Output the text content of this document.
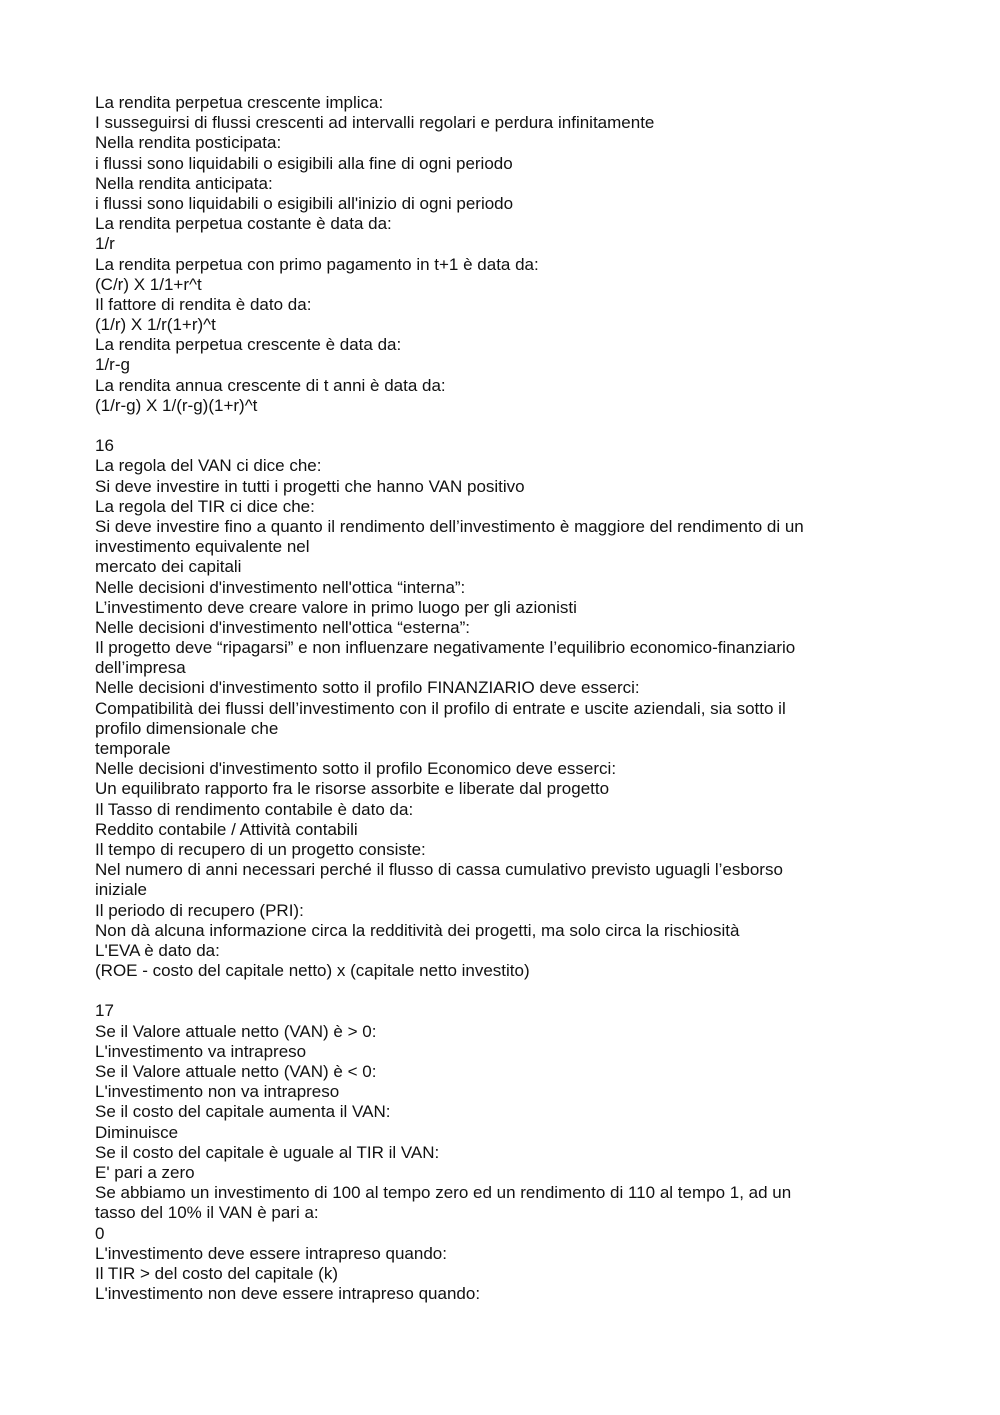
La rendita perpetua crescente implica:
I susseguirsi di flussi crescenti ad intervalli regolari e perdura infinitamente
Nella rendita posticipata:
i flussi sono liquidabili o esigibili alla fine di ogni periodo
Nella rendita anticipata:
i flussi sono liquidabili o esigibili all'inizio di ogni periodo
La rendita perpetua costante è data da:
1/r
La rendita perpetua con primo pagamento in t+1 è data da:
(C/r) X 1/1+r^t
Il fattore di rendita è dato da:
(1/r) X 1/r(1+r)^t
La rendita perpetua crescente è data da:
1/r-g
La rendita annua crescente di t anni è data da:
(1/r-g) X 1/(r-g)(1+r)^t
16
La regola del VAN ci dice che:
Si deve investire in tutti i progetti che hanno VAN positivo
La regola del TIR ci dice che:
Si deve investire fino a quanto il rendimento dell’investimento è maggiore del rendimento di un
investimento equivalente nel
mercato dei capitali
Nelle decisioni d'investimento nell'ottica “interna”:
L’investimento deve creare valore in primo luogo per gli azionisti
Nelle decisioni d'investimento nell'ottica “esterna”:
Il progetto deve “ripagarsi” e non influenzare negativamente l’equilibrio economico-finanziario
dell’impresa
Nelle decisioni d'investimento sotto il profilo FINANZIARIO deve esserci:
Compatibilità dei flussi dell’investimento con il profilo di entrate e uscite aziendali, sia sotto il
profilo dimensionale che
temporale
Nelle decisioni d'investimento sotto il profilo Economico deve esserci:
Un equilibrato rapporto fra le risorse assorbite e liberate dal progetto
Il Tasso di rendimento contabile è dato da:
Reddito contabile / Attività contabili
Il tempo di recupero di un progetto consiste:
Nel numero di anni necessari perché il flusso di cassa cumulativo previsto uguagli l’esborso
iniziale
Il periodo di recupero (PRI):
Non dà alcuna informazione circa la redditività dei progetti, ma solo circa la rischiosità
L'EVA è dato da:
(ROE - costo del capitale netto) x (capitale netto investito)
17
Se il Valore attuale netto (VAN) è > 0:
L'investimento va intrapreso
Se il Valore attuale netto (VAN) è < 0:
L'investimento non va intrapreso
Se il costo del capitale aumenta il VAN:
Diminuisce
Se il costo del capitale è uguale al TIR il VAN:
E' pari a zero
Se abbiamo un investimento di 100 al tempo zero ed un rendimento di 110 al tempo 1, ad un
tasso del 10% il VAN è pari a:
0
L'investimento deve essere intrapreso quando:
Il TIR > del costo del capitale (k)
L'investimento non deve essere intrapreso quando:
